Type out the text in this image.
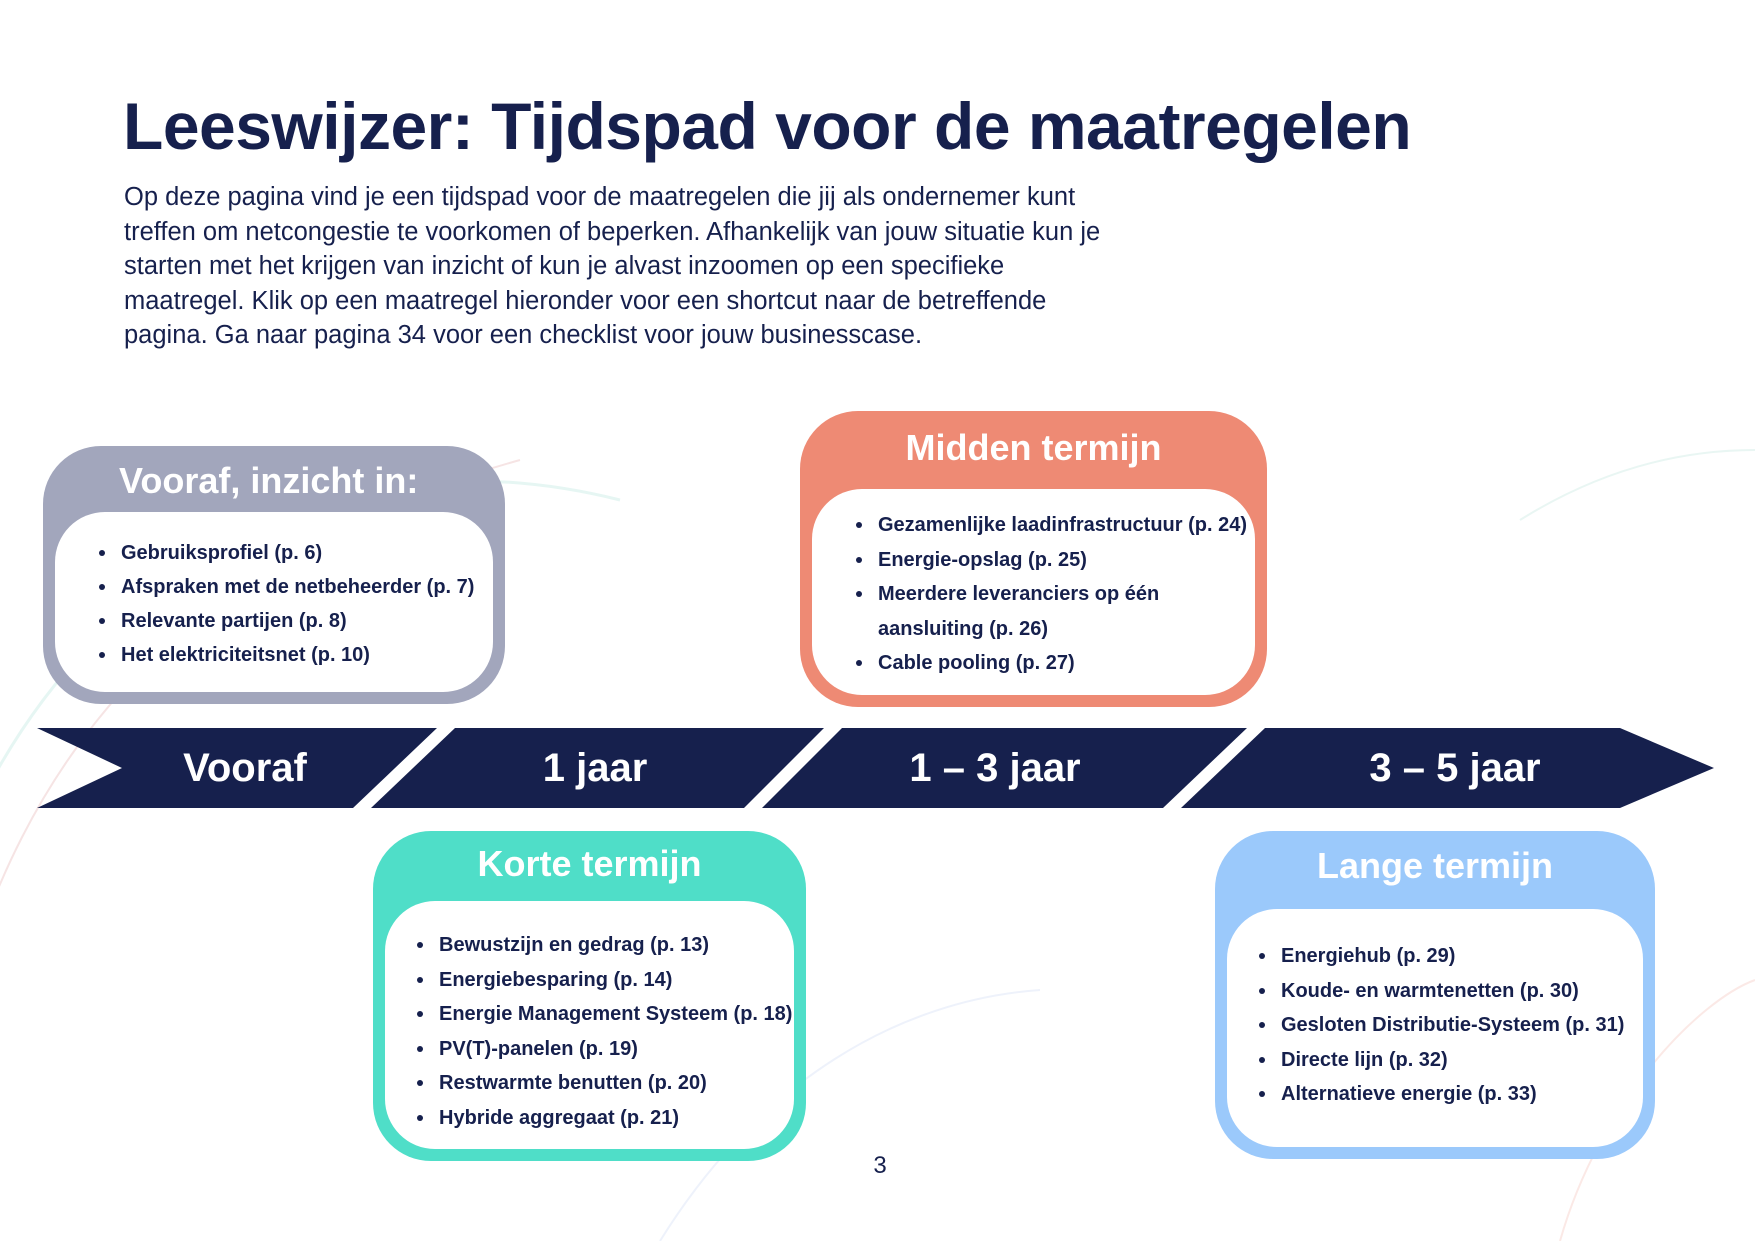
Leeswijzer: Tijdspad voor de maatregelen

Op deze pagina vind je een tijdspad voor de maatregelen die jij als ondernemer kunt treffen om netcongestie te voorkomen of beperken. Afhankelijk van jouw situatie kun je starten met het krijgen van inzicht of kun je alvast inzoomen op een specifieke maatregel. Klik op een maatregel hieronder voor een shortcut naar de betreffende pagina. Ga naar pagina 34 voor een checklist voor jouw businesscase.

Vooraf, inzicht in:
Gebruiksprofiel (p. 6)
Afspraken met de netbeheerder (p. 7)
Relevante partijen (p. 8)
Het elektriciteitsnet (p. 10)
Midden termijn
Gezamenlijke laadinfrastructuur (p. 24)
Energie-opslag (p. 25)
Meerdere leveranciers op één aansluiting (p. 26)
Cable pooling (p. 27)
Vooraf	1 jaar	1 – 3 jaar	3 – 5 jaar
Korte termijn
Bewustzijn en gedrag (p. 13)
Energiebesparing (p. 14)
Energie Management Systeem (p. 18)
PV(T)-panelen (p. 19)
Restwarmte benutten (p. 20)
Hybride aggregaat (p. 21)
Lange termijn
Energiehub (p. 29)
Koude- en warmtenetten (p. 30)
Gesloten Distributie-Systeem (p. 31)
Directe lijn (p. 32)
Alternatieve energie (p. 33)
3
